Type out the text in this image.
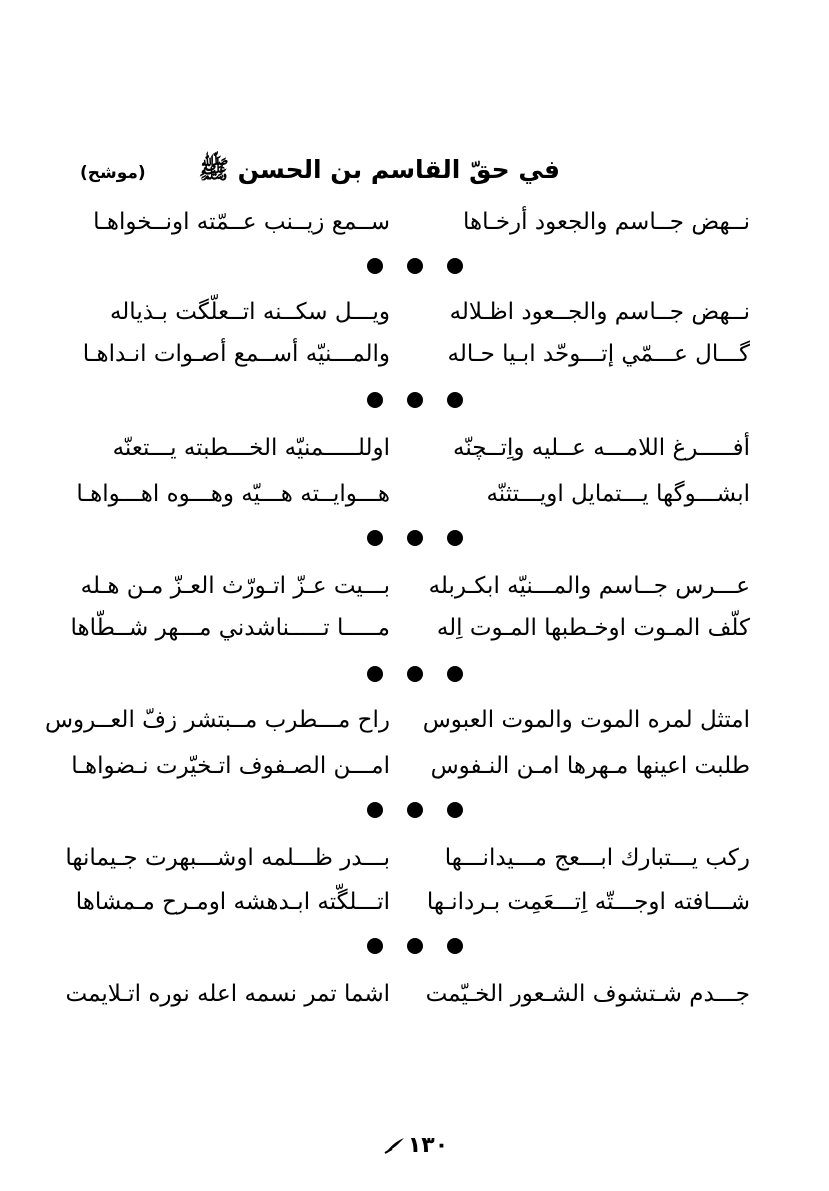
في حقّ القاسم بن الحسن ﷺ
(موشح)
نــهض جــاسم والجعود أرخـاها
ســمع زيــنب عــمّته اونــخواهـا
نــهض جــاسم والجــعود اظـلاله
ويـــل سكــنه اتــعلّگت بـذياله
گـــال عـــمّي إتـــوحّد ابـيا حـاله
والمـــنيّه أســمع أصـوات انـداهـا
أفـــــرغ اللامـــه عــليه واِتــچنّه
اوللـــــمنيّه الخـــطبته يـــتعنّه
ابشـــوگها يـــتمايل اويـــتثنّه
هـــوايــته هـــيّه وهـــوه اهـــواهـا
عـــرس جــاسم والمـــنيّه ابكـربله
بـــيت عـزّ اتـورّث العـزّ مـن هـله
كلّف المـوت اوخـطبها المـوت اِله
مـــــا تـــــناشدني مـــهر شــطّاها
امتثل لمره الموت والموت العبوس
راح مـــطرب مــبتشر زفّ العــروس
طلبت اعينها مـهرها امـن النـفوس
امـــن الصـفوف اتـخيّرت نـضواهـا
ركب يـــتبارك ابـــعج مـــيدانـــها
بـــدر ظـــلمه اوشـــبهرت جـيمانها
شـــافته اوجـــتّه اِتـــعَمِت بـردانـها
اتـــلگّته ابـدهشه اومـرح مـمشاها
جـــدم شـتشوف الشـعور الخـيّمت
اشما تمر نسمه اعله نوره اتـلايمت
١٣٠
